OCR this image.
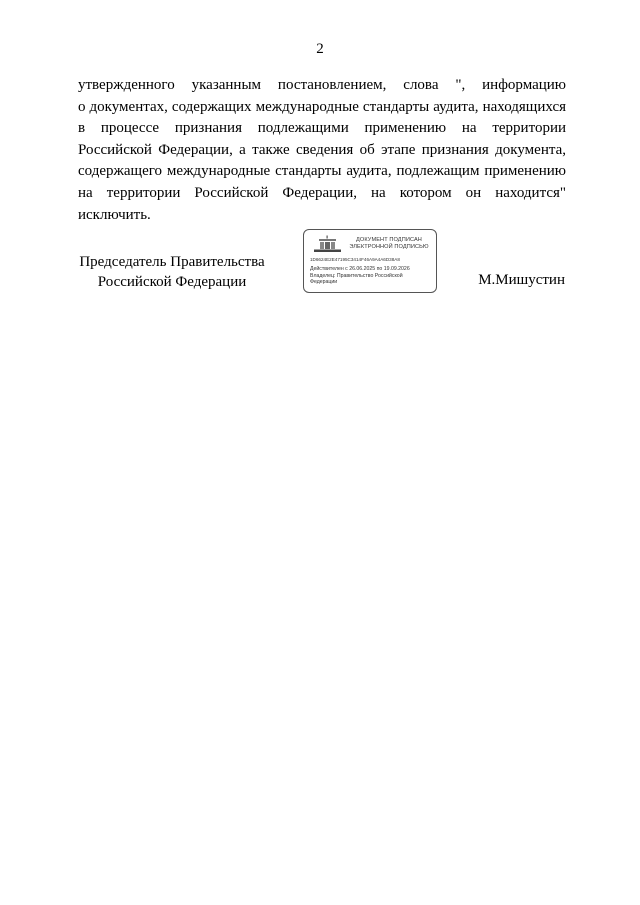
2
утвержденного указанным постановлением, слова ", информацию
о документах, содержащих международные стандарты аудита, находящихся
в процессе признания подлежащими применению на территории
Российской Федерации, а также сведения об этапе признания документа,
содержащего международные стандарты аудита, подлежащим применению
на территории Российской Федерации, на котором он находится"
исключить.
Председатель Правительства
Российской Федерации
ДОКУМЕНТ ПОДПИСАН
ЭЛЕКТРОННОЙ ПОДПИСЬЮ
1D6624E2E47195C3414F46A9A4A6D38A8
Действителен с 26.06.2025 по 19.09.2026
Владелец: Правительство Российской Федерации	М.Мишустин
